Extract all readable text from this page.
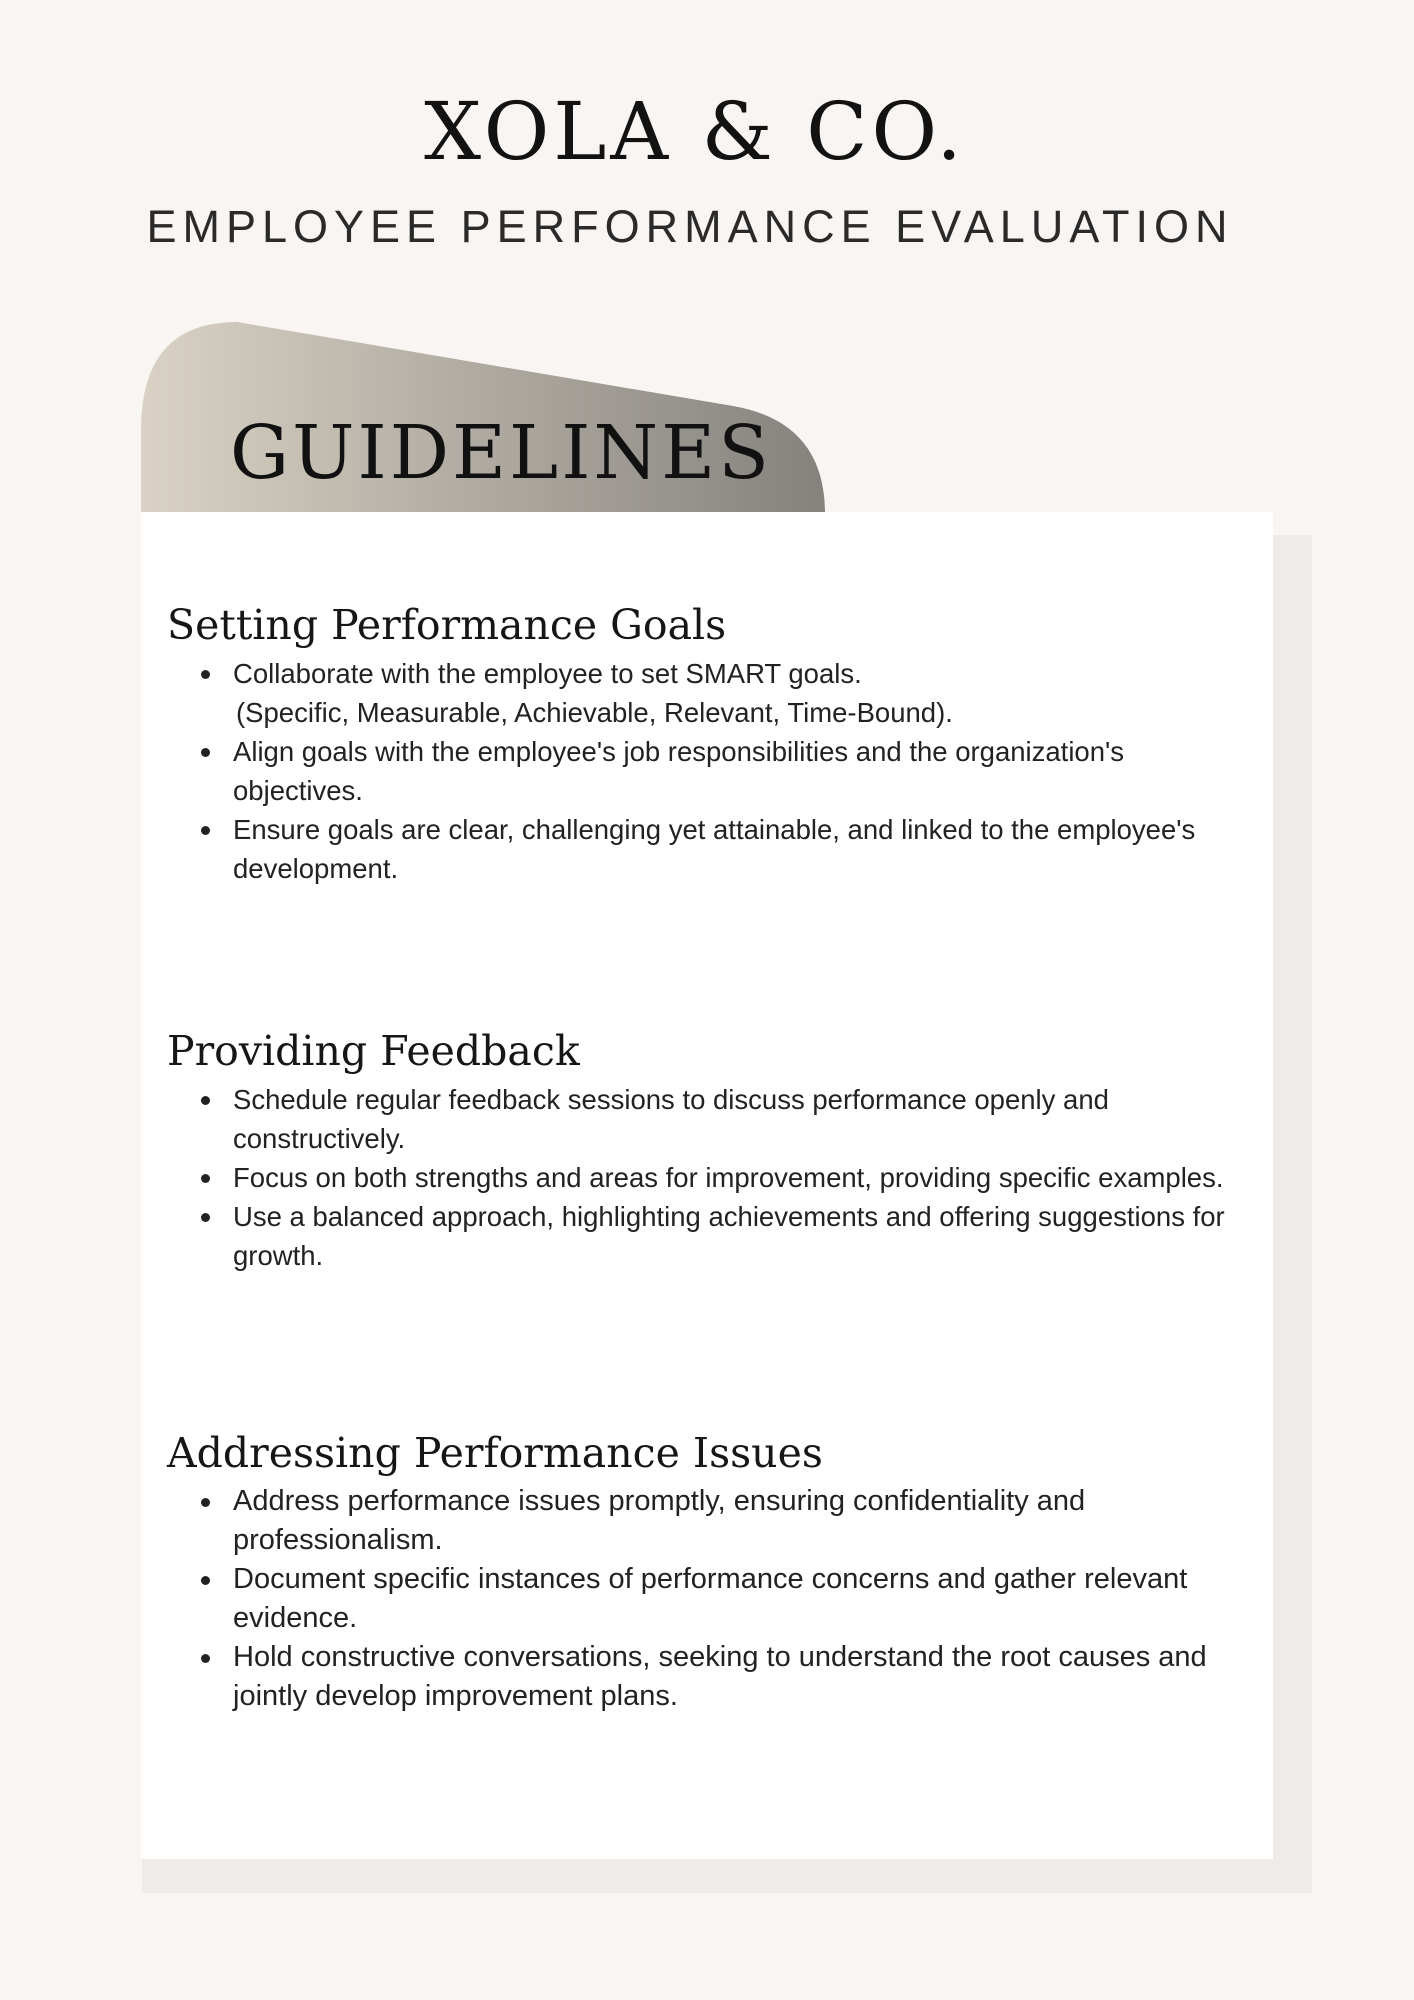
XOLA & CO.
EMPLOYEE PERFORMANCE EVALUATION
GUIDELINES
Setting Performance Goals
Collaborate with the employee to set SMART goals.
(Specific, Measurable, Achievable, Relevant, Time-Bound).
Align goals with the employee's job responsibilities and the organization's objectives.
Ensure goals are clear, challenging yet attainable, and linked to the employee's development.
Providing Feedback
Schedule regular feedback sessions to discuss performance openly and constructively.
Focus on both strengths and areas for improvement, providing specific examples.
Use a balanced approach, highlighting achievements and offering suggestions for growth.
Addressing Performance Issues
Address performance issues promptly, ensuring confidentiality and professionalism.
Document specific instances of performance concerns and gather relevant evidence.
Hold constructive conversations, seeking to understand the root causes and jointly develop improvement plans.
